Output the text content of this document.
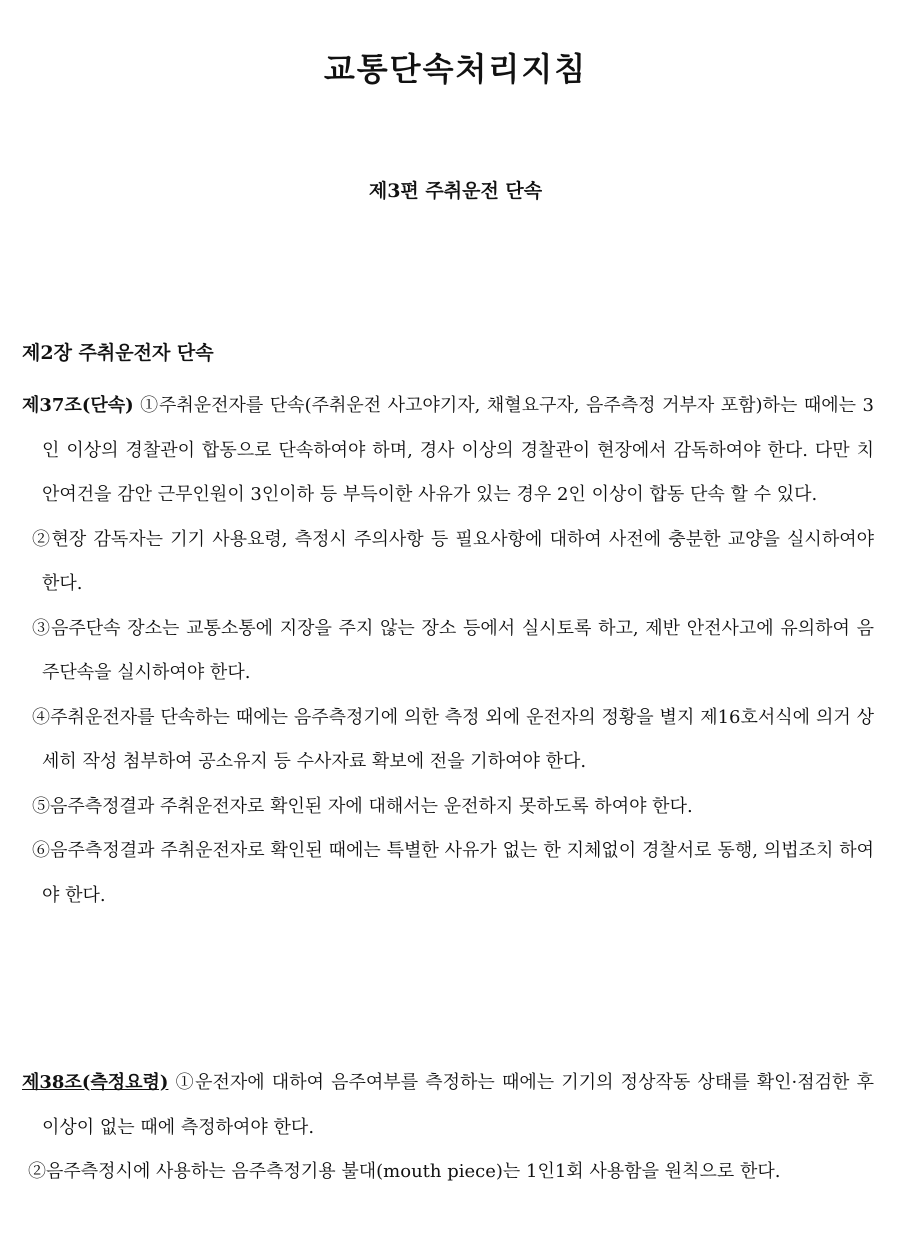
교통단속처리지침
제3편 주취운전 단속
제2장 주취운전자 단속

제37조(단속) ①주취운전자를 단속(주취운전 사고야기자, 채혈요구자, 음주측정 거부자 포함)하는 때에는 3인 이상의 경찰관이 합동으로 단속하여야 하며, 경사 이상의 경찰관이 현장에서 감독하여야 한다. 다만 치안여건을 감안 근무인원이 3인이하 등 부득이한 사유가 있는 경우 2인 이상이 합동 단속 할 수 있다.

②현장 감독자는 기기 사용요령, 측정시 주의사항 등 필요사항에 대하여 사전에 충분한 교양을 실시하여야 한다.

③음주단속 장소는 교통소통에 지장을 주지 않는 장소 등에서 실시토록 하고, 제반 안전사고에 유의하여 음주단속을 실시하여야 한다.

④주취운전자를 단속하는 때에는 음주측정기에 의한 측정 외에 운전자의 정황을 별지 제16호서식에 의거 상세히 작성 첨부하여 공소유지 등 수사자료 확보에 전을 기하여야 한다.

⑤음주측정결과 주취운전자로 확인된 자에 대해서는 운전하지 못하도록 하여야 한다.

⑥음주측정결과 주취운전자로 확인된 때에는 특별한 사유가 없는 한 지체없이 경찰서로 동행, 의법조치 하여야 한다.

제38조(측정요령) ①운전자에 대하여 음주여부를 측정하는 때에는 기기의 정상작동 상태를 확인·점검한 후 이상이 없는 때에 측정하여야 한다.

②음주측정시에 사용하는 음주측정기용 불대(mouth piece)는 1인1회 사용함을 원칙으로 한다.
